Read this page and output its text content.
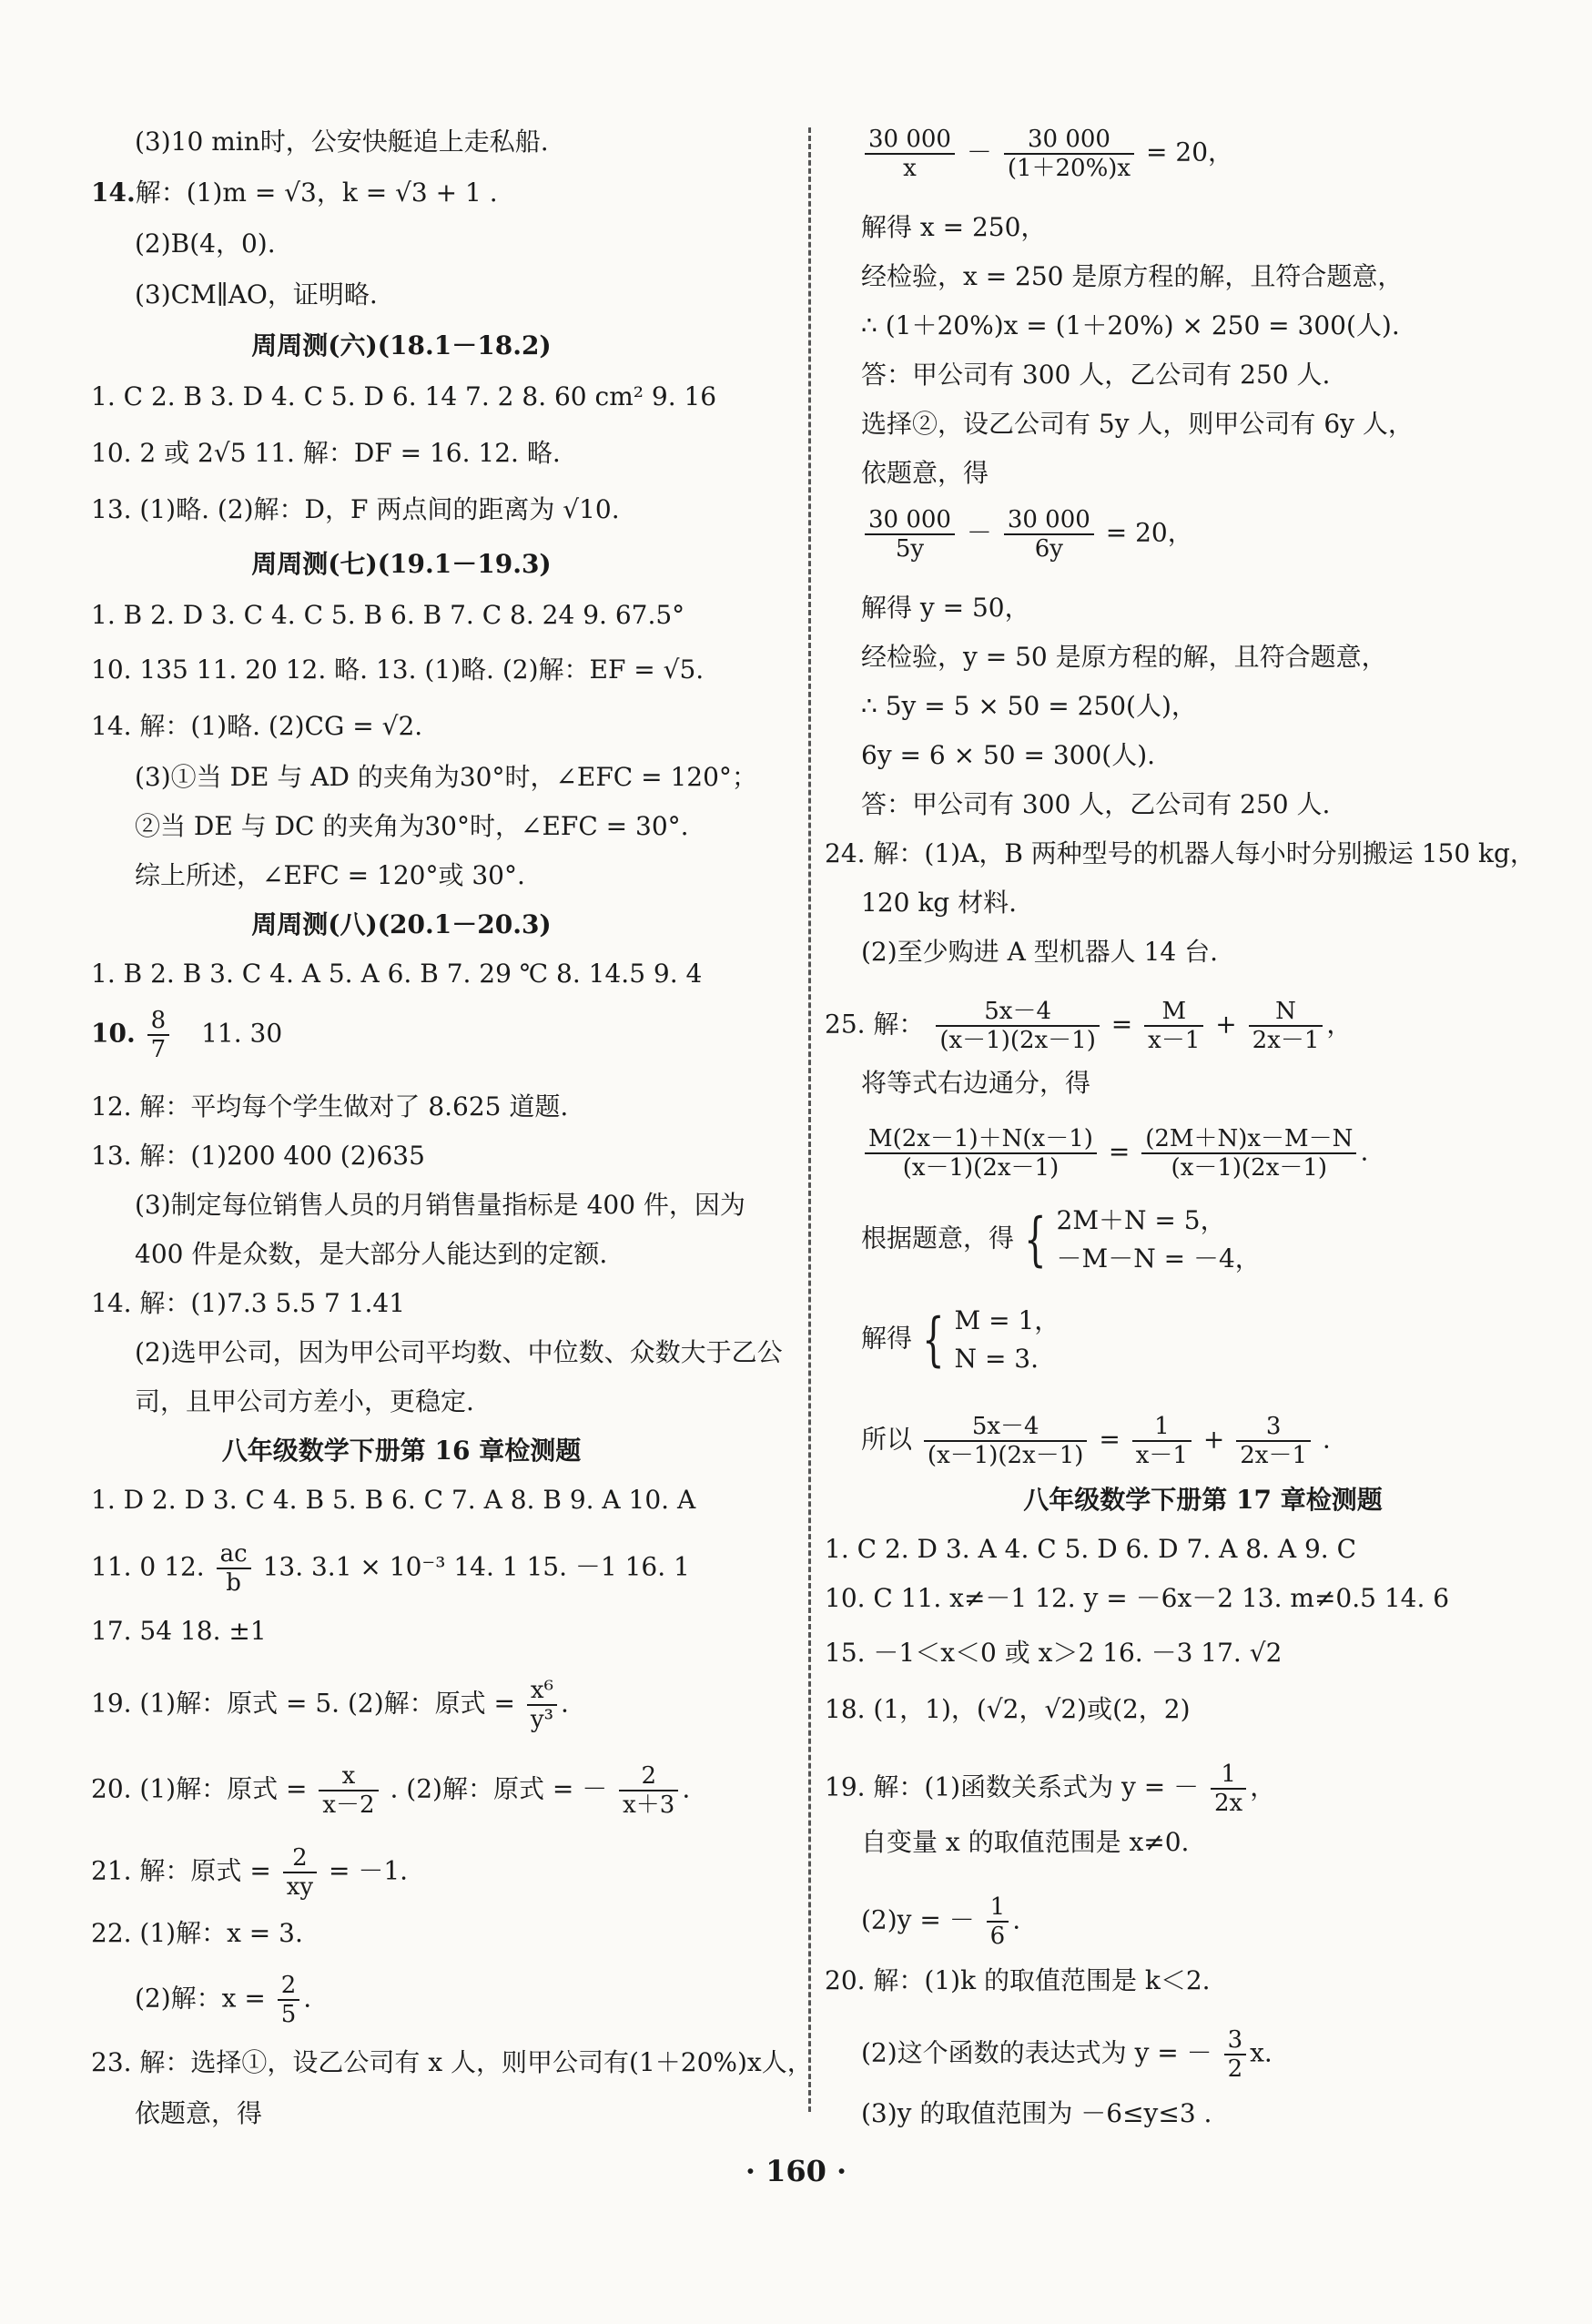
(3)10 min时，公安快艇追上走私船.
14.解：(1)m = √3，k = √3 + 1 .
(2)B(4，0).
(3)CM∥AO，证明略.
周周测(六)(18.1－18.2)
1. C 2. B 3. D 4. C 5. D 6. 14 7. 2 8. 60 cm² 9. 16
10. 2 或 2√5 11. 解：DF = 16. 12. 略.
13. (1)略. (2)解：D，F 两点间的距离为 √10.
周周测(七)(19.1－19.3)
1. B 2. D 3. C 4. C 5. B 6. B 7. C 8. 24 9. 67.5°
10. 135 11. 20 12. 略. 13. (1)略. (2)解：EF = √5.
14. 解：(1)略. (2)CG = √2.
(3)①当 DE 与 AD 的夹角为30°时，∠EFC = 120°；
②当 DE 与 DC 的夹角为30°时，∠EFC = 30°.
综上所述，∠EFC = 120°或 30°.
周周测(八)(20.1－20.3)
1. B 2. B 3. C 4. A 5. A 6. B 7. 29 ℃ 8. 14.5 9. 4
10. $\frac{8}{7} 11$. 30
12. 解：平均每个学生做对了 8.625 道题.
13. 解：(1)200 400 (2)635
(3)制定每位销售人员的月销售量指标是 400 件，因为
400 件是众数，是大部分人能达到的定额.
14. 解：(1)7.3 5.5 7 1.41
(2)选甲公司，因为甲公司平均数、中位数、众数大于乙公
司，且甲公司方差小，更稳定.
八年级数学下册第 16 章检测题
1. D 2. D 3. C 4. B 5. B 6. C 7. A 8. B 9. A 10. A
11. 0 12. $\frac{ac}{b} 13$. 3.1 × 10⁻³ 14. 1 15. －1 16. 1
17. 54 18. ±1
19. (1)解：原式 = 5. (2)解：原式 = $\frac{\text{x⁶}}{\text{y³}}$ .
20. (1)解：原式 = $\frac{x}{x-2}$ . (2)解：原式 = － $\frac{2}{x+3}$ .
21. 解：原式 = $\frac{2}{xy} = -1$.
22. (1)解：x = 3.
(2)解：$x = \frac{2}{5}$ .
23. 解：选择①，设乙公司有 x 人，则甲公司有(1＋20%)x人，
依题意，得
$\frac{30 000}{x} - \frac{30 000}{(1+20\%)x} = 20$，
解得 x = 250，
经检验，x = 250 是原方程的解，且符合题意，
∴ (1＋20%)x = (1＋20%) × 250 = 300(人).
答：甲公司有 300 人，乙公司有 250 人.
选择②，设乙公司有 5y 人，则甲公司有 6y 人，
依题意，得
$\frac{30 000}{5y} - \frac{30 000}{6y} = 20$，
解得 y = 50，
经检验，y = 50 是原方程的解，且符合题意，
∴ 5y = 5 × 50 = 250(人)，
6y = 6 × 50 = 300(人).
答：甲公司有 300 人，乙公司有 250 人.
24. 解：(1)A，B 两种型号的机器人每小时分别搬运 150 kg，
120 kg 材料.
(2)至少购进 A 型机器人 14 台.
25. 解： $\frac{5x-4}{(x-1)(2x-1)} = \frac{M}{x-1} + \frac{N}{2x-1}$ ，
将等式右边通分，得
$\frac{M(2x-1)+N(x-1)}{(x-1)(2x-1)} = \frac{(2M+N)x-M-N}{(x-1)(2x-1)}$ .
根据题意，得 { 2M＋N = 5，
－M－N = －4，
解得 { M = 1，
N = 3.
所以 $\frac{5x-4}{(x-1)(2x-1)} = \frac{1}{x-1} + \frac{3}{2x-1}$ .
八年级数学下册第 17 章检测题
1. C 2. D 3. A 4. C 5. D 6. D 7. A 8. A 9. C
10. C 11. x≠－1 12. y = －6x－2 13. m≠0.5 14. 6
15. －1＜x＜0 或 x＞2 16. －3 17. √2
18. (1，1)，(√2，√2)或(2，2)
19. 解：(1)函数关系式为 y = － $\frac{1}{2x}$ ，
自变量 x 的取值范围是 x≠0.
(2)y = － $\frac{1}{6}$ .
20. 解：(1)k 的取值范围是 k＜2.
(2)这个函数的表达式为 y = － $\frac{3}{2} x$.
(3)y 的取值范围为 －6≤y≤3 .
· 160 ·
